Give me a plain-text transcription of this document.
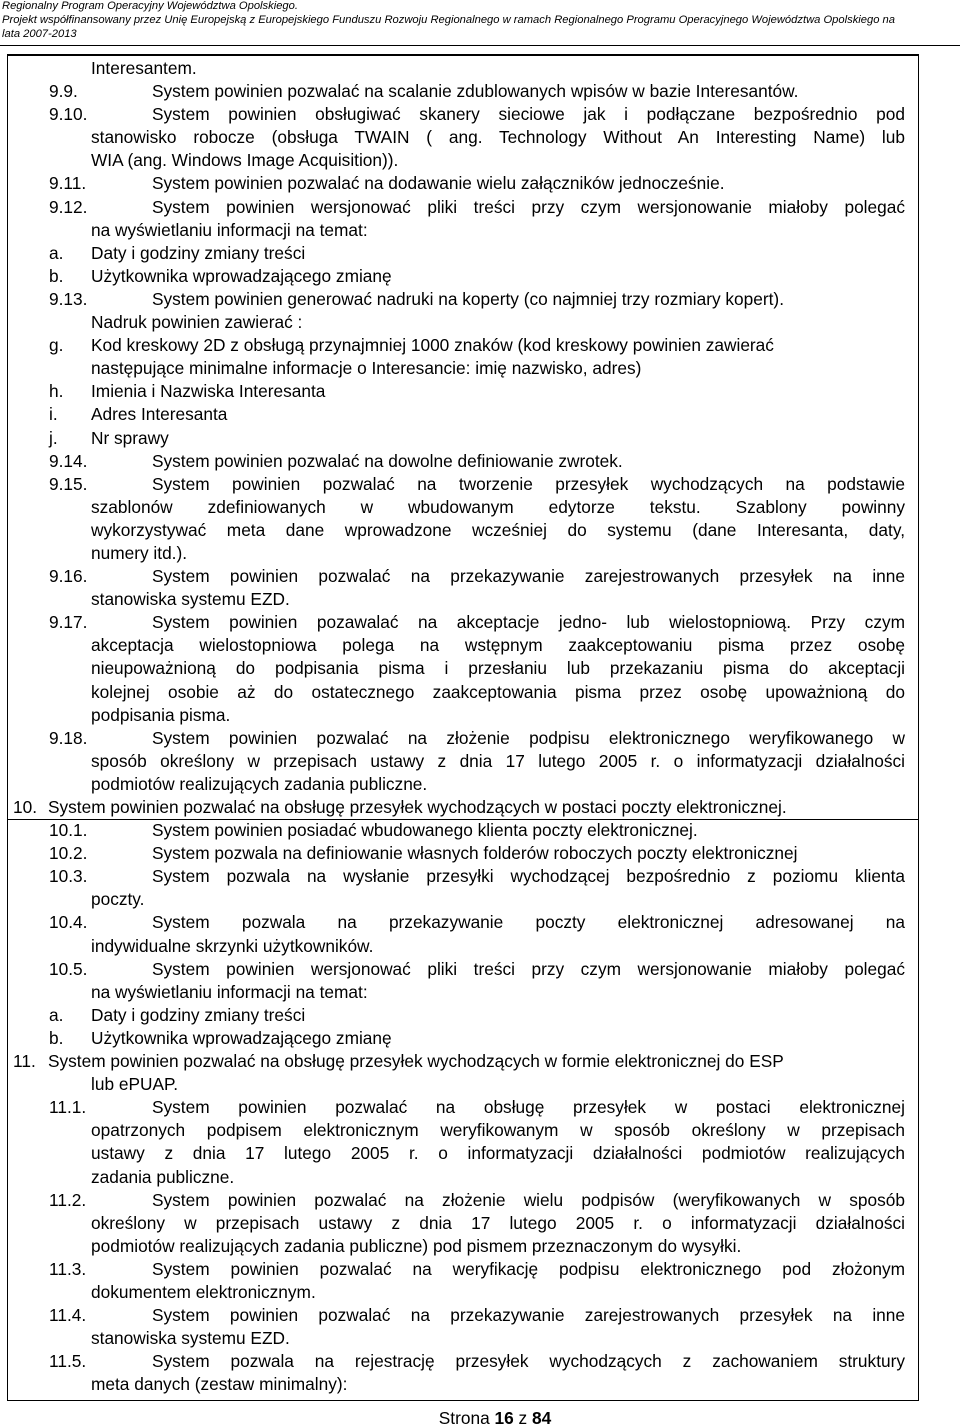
Regionalny Program Operacyjny Województwa Opolskiego.
Projekt współfinansowany przez Unię Europejską z Europejskiego Funduszu Rozwoju Regionalnego w ramach Regionalnego Programu Operacyjnego Województwa Opolskiego na
lata 2007-2013
Interesantem.
9.9.	System powinien pozwalać na scalanie zdublowanych wpisów w bazie Interesantów.
9.10.	System powinien obsługiwać skanery sieciowe jak i podłączane bezpośrednio pod
stanowisko robocze (obsługa TWAIN ( ang. Technology Without An Interesting Name) lub
WIA (ang. Windows Image Acquisition)).
9.11.	System powinien pozwalać na dodawanie wielu załączników jednocześnie.
9.12.	System powinien wersjonować pliki treści przy czym wersjonowanie miałoby polegać
na wyświetlaniu informacji na temat:
a. Daty i godziny zmiany treści
b. Użytkownika wprowadzającego zmianę
9.13.	System powinien generować nadruki na koperty (co najmniej trzy rozmiary kopert).
Nadruk powinien zawierać :
g. Kod kreskowy 2D z obsługą przynajmniej 1000 znaków (kod kreskowy powinien zawierać
następujące minimalne informacje o Interesancie: imię nazwisko, adres)
h. Imienia i Nazwiska Interesanta
i. Adres Interesanta
j. Nr sprawy
9.14.	System powinien pozwalać na dowolne definiowanie zwrotek.
9.15.	System powinien pozwalać na tworzenie przesyłek wychodzących na podstawie
szablonów zdefiniowanych w wbudowanym edytorze tekstu. Szablony powinny
wykorzystywać meta dane wprowadzone wcześniej do systemu (dane Interesanta, daty,
numery itd.).
9.16.	System powinien pozwalać na przekazywanie zarejestrowanych przesyłek na inne
stanowiska systemu EZD.
9.17.	System powinien pozawalać na akceptacje jedno- lub wielostopniową. Przy czym
akceptacja wielostopniowa polega na wstępnym zaakceptowaniu pisma przez osobę
nieupoważnioną do podpisania pisma i przesłaniu lub przekazaniu pisma do akceptacji
kolejnej osobie aż do ostatecznego zaakceptowania pisma przez osobę upoważnioną do
podpisania pisma.
9.18.	System powinien pozwalać na złożenie podpisu elektronicznego weryfikowanego w
sposób określony w przepisach ustawy z dnia 17 lutego 2005 r. o informatyzacji działalności
podmiotów realizujących zadania publiczne.
10. System powinien pozwalać na obsługę przesyłek wychodzących w postaci poczty elektronicznej.
10.1.	System powinien posiadać wbudowanego klienta poczty elektronicznej.
10.2.	System pozwala na definiowanie własnych folderów roboczych poczty elektronicznej
10.3.	System pozwala na wysłanie przesyłki wychodzącej bezpośrednio z poziomu klienta
poczty.
10.4.	System pozwala na przekazywanie poczty elektronicznej adresowanej na
indywidualne skrzynki użytkowników.
10.5.	System powinien wersjonować pliki treści przy czym wersjonowanie miałoby polegać
na wyświetlaniu informacji na temat:
a. Daty i godziny zmiany treści
b. Użytkownika wprowadzającego zmianę
11. System powinien pozwalać na obsługę przesyłek wychodzących w formie elektronicznej do ESP
lub ePUAP.
11.1.	System powinien pozwalać na obsługę przesyłek w postaci elektronicznej
opatrzonych podpisem elektronicznym weryfikowanym w sposób określony w przepisach
ustawy z dnia 17 lutego 2005 r. o informatyzacji działalności podmiotów realizujących
zadania publiczne.
11.2.	System powinien pozwalać na złożenie wielu podpisów (weryfikowanych w sposób
określony w przepisach ustawy z dnia 17 lutego 2005 r. o informatyzacji działalności
podmiotów realizujących zadania publiczne) pod pismem przeznaczonym do wysyłki.
11.3.	System powinien pozwalać na weryfikację podpisu elektronicznego pod złożonym
dokumentem elektronicznym.
11.4.	System powinien pozwalać na przekazywanie zarejestrowanych przesyłek na inne
stanowiska systemu EZD.
11.5.	System pozwala na rejestrację przesyłek wychodzących z zachowaniem struktury
meta danych (zestaw minimalny):
Strona 16 z 84
